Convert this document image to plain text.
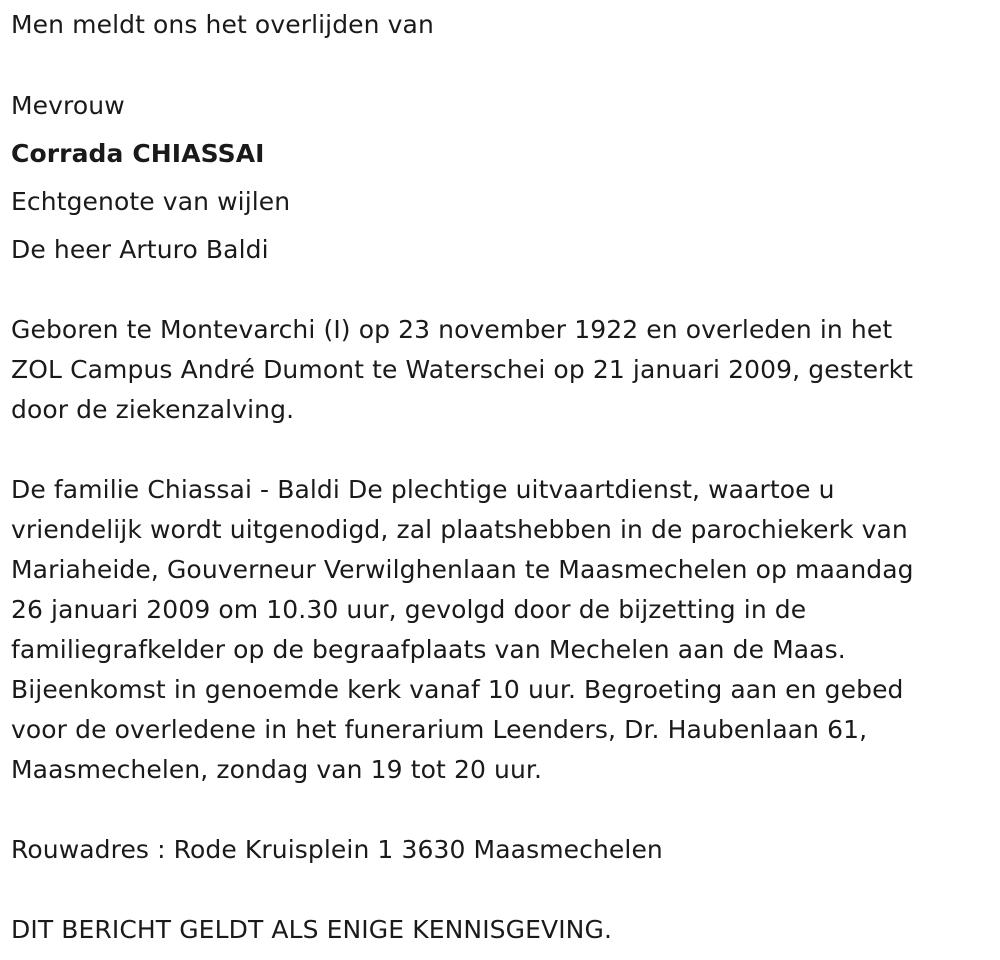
Men meldt ons het overlijden van
Mevrouw
Corrada CHIASSAI
Echtgenote van wijlen
De heer Arturo Baldi
Geboren te Montevarchi (I) op 23 november 1922 en overleden in het
ZOL Campus André Dumont te Waterschei op 21 januari 2009, gesterkt
door de ziekenzalving.
De familie Chiassai - Baldi De plechtige uitvaartdienst, waartoe u
vriendelijk wordt uitgenodigd, zal plaatshebben in de parochiekerk van
Mariaheide, Gouverneur Verwilghenlaan te Maasmechelen op maandag
26 januari 2009 om 10.30 uur, gevolgd door de bijzetting in de
familiegrafkelder op de begraafplaats van Mechelen aan de Maas.
Bijeenkomst in genoemde kerk vanaf 10 uur. Begroeting aan en gebed
voor de overledene in het funerarium Leenders, Dr. Haubenlaan 61,
Maasmechelen, zondag van 19 tot 20 uur.
Rouwadres : Rode Kruisplein 1 3630 Maasmechelen
DIT BERICHT GELDT ALS ENIGE KENNISGEVING.
